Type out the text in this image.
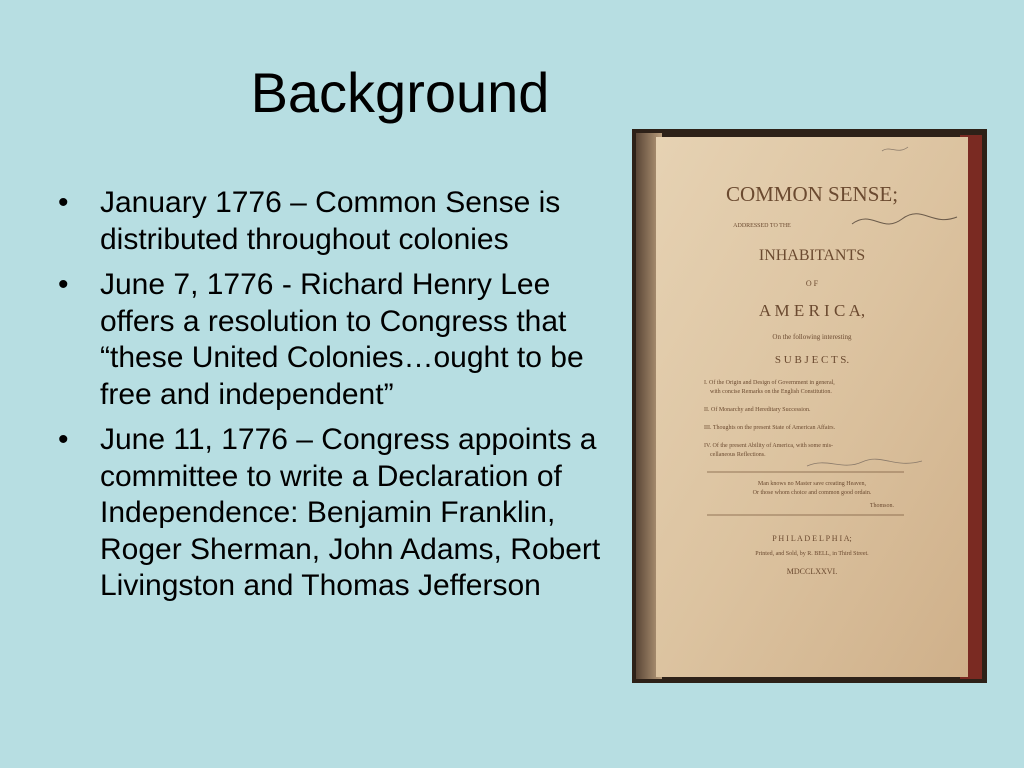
Background
• January 1776 – Common Sense is distributed throughout colonies
• June 7, 1776 - Richard Henry Lee offers a resolution to Congress that “these United Colonies…ought to be free and independent”
• June 11, 1776 – Congress appoints a committee to write a Declaration of Independence: Benjamin Franklin, Roger Sherman, John Adams, Robert Livingston and Thomas Jefferson
COMMON SENSE;
ADDRESSED TO THE
INHABITANTS
O F
A M E R I C A,
On the following interesting
S U B J E C T S.
I. Of the Origin and Design of Government in general,
with concise Remarks on the English Constitution.
II. Of Monarchy and Hereditary Succession.
III. Thoughts on the present State of American Affairs.
IV. Of the present Ability of America, with some mis-
cellaneous Reflections.
Man knows no Master save creating Heaven,
Or those whom choice and common good ordain.
Thomson.
P H I L A D E L P H I A;
Printed, and Sold, by R. BELL, in Third Street.
MDCCLXXVI.
